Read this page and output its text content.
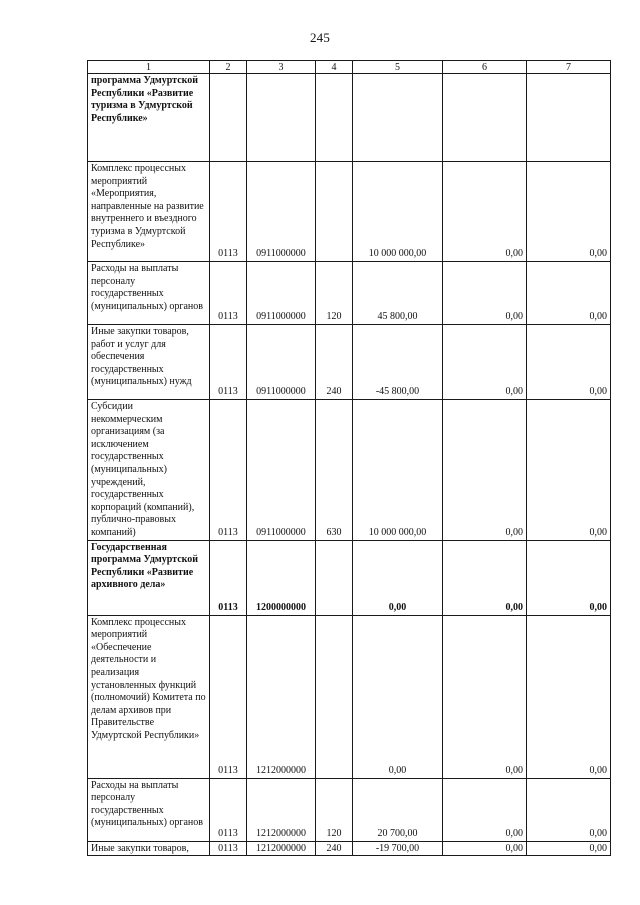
245
1	2	3	4	5	6	7

программа Удмуртской Республики «Развитие туризма в Удмуртской Республике»						

Комплекс процессных мероприятий «Мероприятия, направленные на развитие внутреннего и въездного туризма в Удмуртской Республике»	0113	0911000000		10 000 000,00	0,00	0,00

Расходы на выплаты персоналу государственных (муниципальных) органов	0113	0911000000	120	45 800,00	0,00	0,00

Иные закупки товаров, работ и услуг для обеспечения государственных (муниципальных) нужд	0113	0911000000	240	-45 800,00	0,00	0,00

Субсидии некоммерческим организациям (за исключением государственных (муниципальных) учреждений, государственных корпораций (компаний), публично-правовых компаний)	0113	0911000000	630	10 000 000,00	0,00	0,00

Государственная программа Удмуртской Республики «Развитие архивного дела»	0113	1200000000		0,00	0,00	0,00

Комплекс процессных мероприятий «Обеспечение деятельности и реализация установленных функций (полномочий) Комитета по делам архивов при Правительстве Удмуртской Республики»	0113	1212000000		0,00	0,00	0,00

Расходы на выплаты персоналу государственных (муниципальных) органов	0113	1212000000	120	20 700,00	0,00	0,00

Иные закупки товаров,	0113	1212000000	240	-19 700,00	0,00	0,00
